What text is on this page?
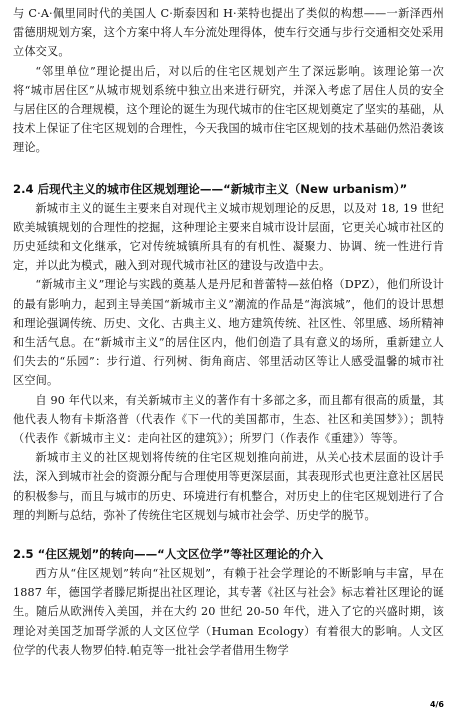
与 C·A·佩里同时代的美国人 C·斯泰因和 H·莱特也提出了类似的构想——一新泽西州雷德朋规划方案，这个方案中将人车分流处理得体，使车行交通与步行交通相交处采用立体交叉。

“邻里单位”理论提出后，对以后的住宅区规划产生了深远影响。该理论第一次将“城市居住区”从城市规划系统中独立出来进行研究，并深入考虑了居住人员的安全与居住区的合理规模，这个理论的诞生为现代城市的住宅区规划奠定了坚实的基础，从技术上保证了住宅区规划的合理性，今天我国的城市住宅区规划的技术基础仍然沿袭该理论。

2.4 后现代主义的城市住区规划理论——“新城市主义（New urbanism）”

新城市主义的诞生主要来自对现代主义城市规划理论的反思，以及对 18, 19 世纪欧美城镇规划的合理性的挖掘，这种理论主要来自城市设计层面，它更关心城市社区的历史延续和文化继承，它对传统城镇所具有的有机性、凝聚力、协调、统一性进行肯定，并以此为模式，融入到对现代城市社区的建设与改造中去。

“新城市主义”理论与实践的奠基人是丹尼和普蕾特—兹伯格（DPZ），他们所设计的最有影响力，起到主导美国“新城市主义”潮流的作品是“海滨城”，他们的设计思想和理论强调传统、历史、文化、古典主义、地方建筑传统、社区性、邻里感、场所精神和生活气息。在“新城市主义”的居住区内，他们创造了具有意义的场所，重新建立人们失去的“乐园”：步行道、行列树、街角商店、邻里活动区等让人感受温馨的城市社区空间。

自 90 年代以来，有关新城市主义的著作有十多部之多，而且都有很高的质量，其他代表人物有卡斯洛普（代表作《下一代的美国都市，生态、社区和美国梦》）；凯特（代表作《新城市主义：走向社区的建筑》）；所罗门（作表作《重建》）等等。

新城市主义的社区规划将传统的住宅区规划推向前进，从关心技术层面的设计手法，深入到城市社会的资源分配与合理使用等更深层面，其表现形式也更注意社区居民的积极参与，而且与城市的历史、环境进行有机整合，对历史上的住宅区规划进行了合理的判断与总结，弥补了传统住宅区规划与城市社会学、历史学的脱节。

2.5 “住区规划”的转向——“人文区位学”等社区理论的介入

西方从“住区规划”转向“社区规划”，有赖于社会学理论的不断影响与丰富，早在 1887 年，德国学者滕尼斯提出社区理论，其专著《社区与社会》标志着社区理论的诞生。随后从欧洲传入美国，并在大约 20 世纪 20-50 年代，进入了它的兴盛时期，该理论对美国芝加哥学派的人文区位学（Human Ecology）有着很大的影响。人文区位学的代表人物罗伯特.帕克等一批社会学者借用生物学

4/6
